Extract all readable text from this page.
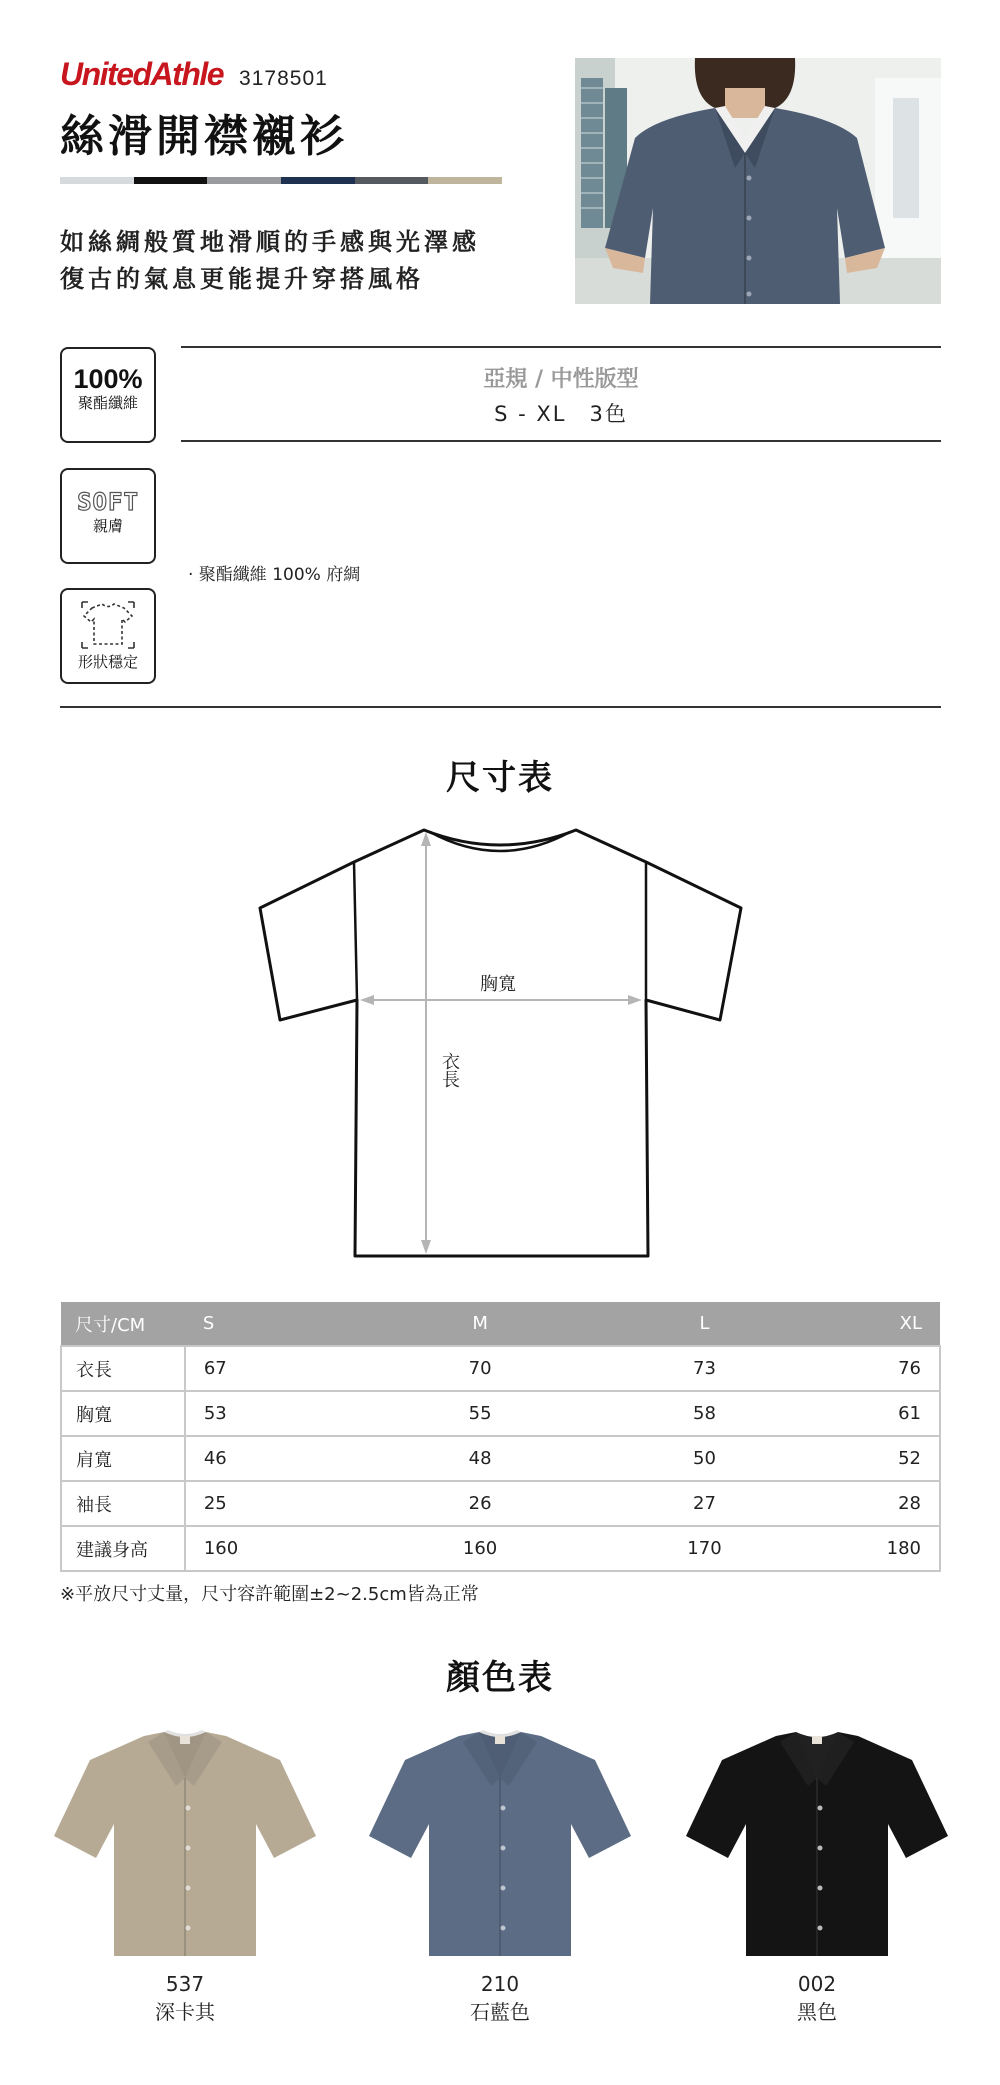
UnitedAthle 3178501
絲滑開襟襯衫
如絲綢般質地滑順的手感與光澤感
復古的氣息更能提升穿搭風格
100%
聚酯纖維
SOFT
親膚
形狀穩定
亞規 / 中性版型
S - XL　3色
‧ 聚酯纖維 100% 府綢
尺寸表
胸寬
衣長
尺寸/CM	S	M	L	XL
衣長	67	70	73	76
胸寬	53	55	58	61
肩寬	46	48	50	52
袖長	25	26	27	28
建議身高	160	160	170	180
※平放尺寸丈量，尺寸容許範圍±2~2.5cm皆為正常
顏色表
537
深卡其
210
石藍色
002
黑色
